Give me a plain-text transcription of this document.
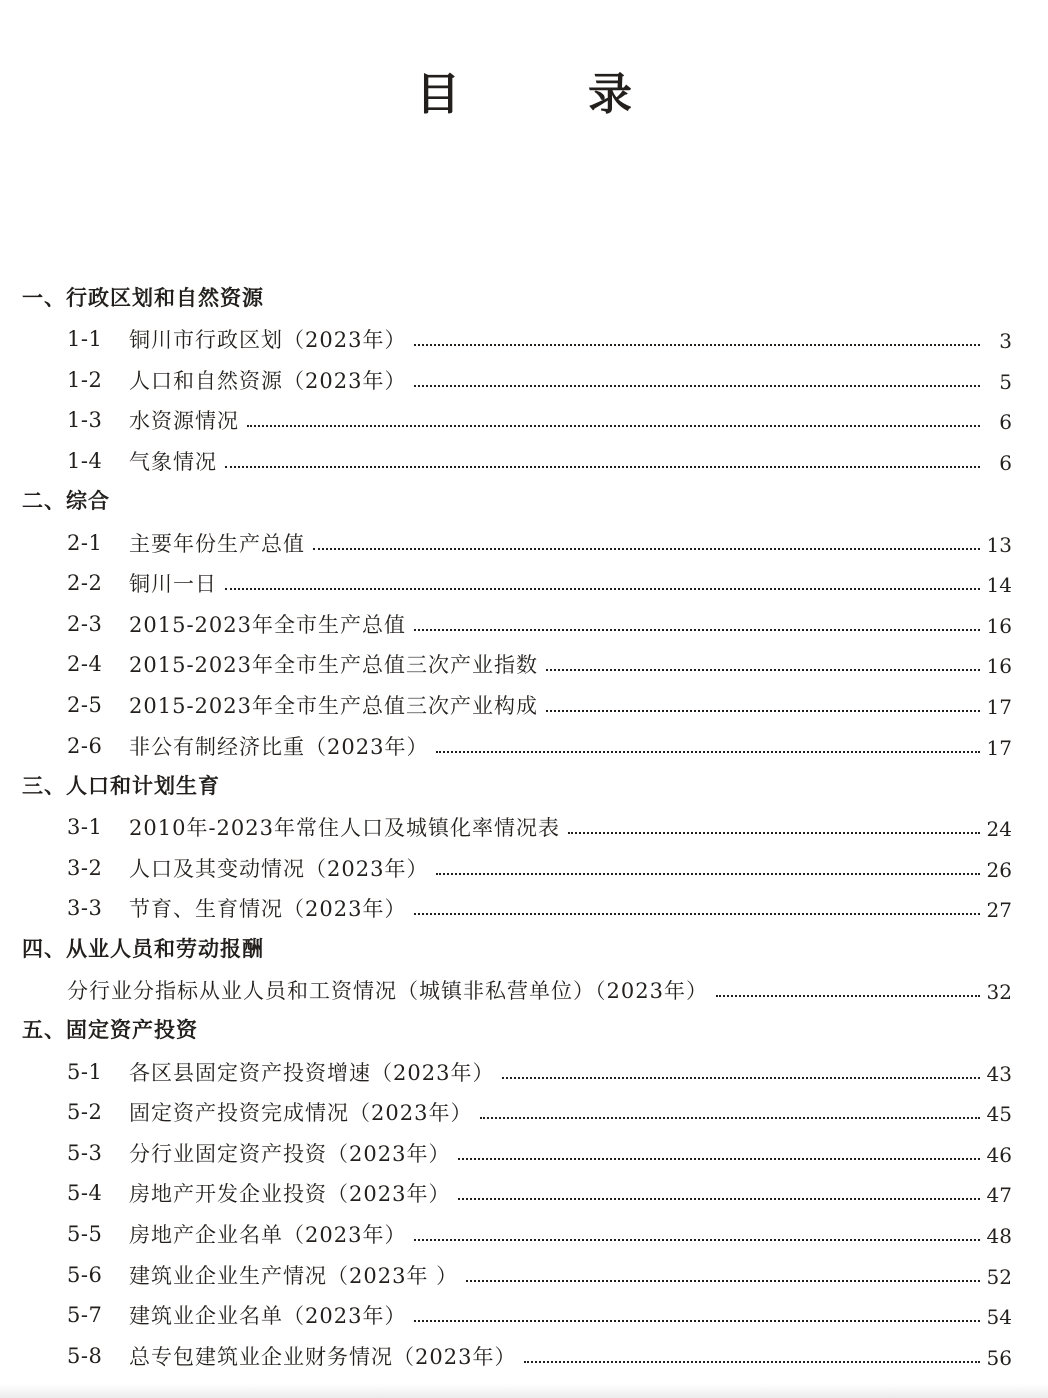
目	录
一、行政区划和自然资源
1-1	铜川市行政区划（2023年）	3
1-2	人口和自然资源（2023年）	5
1-3	水资源情况	6
1-4	气象情况	6
二、综合
2-1	主要年份生产总值	13
2-2	铜川一日	14
2-3	2015-2023年全市生产总值	16
2-4	2015-2023年全市生产总值三次产业指数	16
2-5	2015-2023年全市生产总值三次产业构成	17
2-6	非公有制经济比重（2023年）	17
三、人口和计划生育
3-1	2010年-2023年常住人口及城镇化率情况表	24
3-2	人口及其变动情况（2023年）	26
3-3	节育、生育情况（2023年）	27
四、从业人员和劳动报酬
分行业分指标从业人员和工资情况（城镇非私营单位）（2023年）	32
五、固定资产投资
5-1	各区县固定资产投资增速（2023年）	43
5-2	固定资产投资完成情况（2023年）	45
5-3	分行业固定资产投资（2023年）	46
5-4	房地产开发企业投资（2023年）	47
5-5	房地产企业名单（2023年）	48
5-6	建筑业企业生产情况（2023年 ）	52
5-7	建筑业企业名单（2023年）	54
5-8	总专包建筑业企业财务情况（2023年）	56
